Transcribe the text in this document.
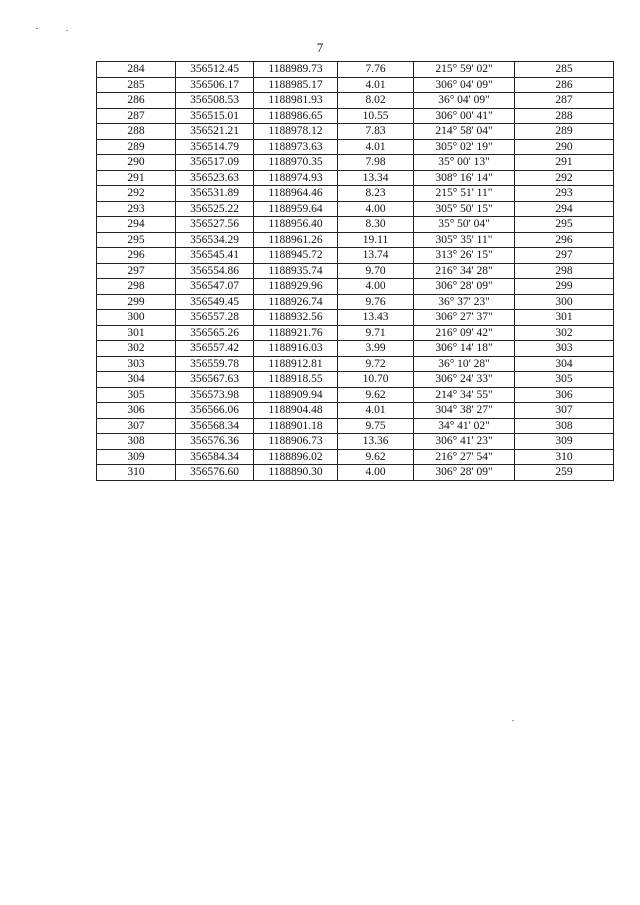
7
284	356512.45	1188989.73	7.76	215° 59' 02"	285
285	356506.17	1188985.17	4.01	306° 04' 09"	286
286	356508.53	1188981.93	8.02	36° 04' 09"	287
287	356515.01	1188986.65	10.55	306° 00' 41"	288
288	356521.21	1188978.12	7.83	214° 58' 04"	289
289	356514.79	1188973.63	4.01	305° 02' 19"	290
290	356517.09	1188970.35	7.98	35° 00' 13"	291
291	356523.63	1188974.93	13.34	308° 16' 14"	292
292	356531.89	1188964.46	8.23	215° 51' 11"	293
293	356525.22	1188959.64	4.00	305° 50' 15"	294
294	356527.56	1188956.40	8.30	35° 50' 04"	295
295	356534.29	1188961.26	19.11	305° 35' 11"	296
296	356545.41	1188945.72	13.74	313° 26' 15"	297
297	356554.86	1188935.74	9.70	216° 34' 28"	298
298	356547.07	1188929.96	4.00	306° 28' 09"	299
299	356549.45	1188926.74	9.76	36° 37' 23"	300
300	356557.28	1188932.56	13.43	306° 27' 37"	301
301	356565.26	1188921.76	9.71	216° 09' 42"	302
302	356557.42	1188916.03	3.99	306° 14' 18"	303
303	356559.78	1188912.81	9.72	36° 10' 28"	304
304	356567.63	1188918.55	10.70	306° 24' 33"	305
305	356573.98	1188909.94	9.62	214° 34' 55"	306
306	356566.06	1188904.48	4.01	304° 38' 27"	307
307	356568.34	1188901.18	9.75	34° 41' 02"	308
308	356576.36	1188906.73	13.36	306° 41' 23"	309
309	356584.34	1188896.02	9.62	216° 27' 54"	310
310	356576.60	1188890.30	4.00	306° 28' 09"	259
